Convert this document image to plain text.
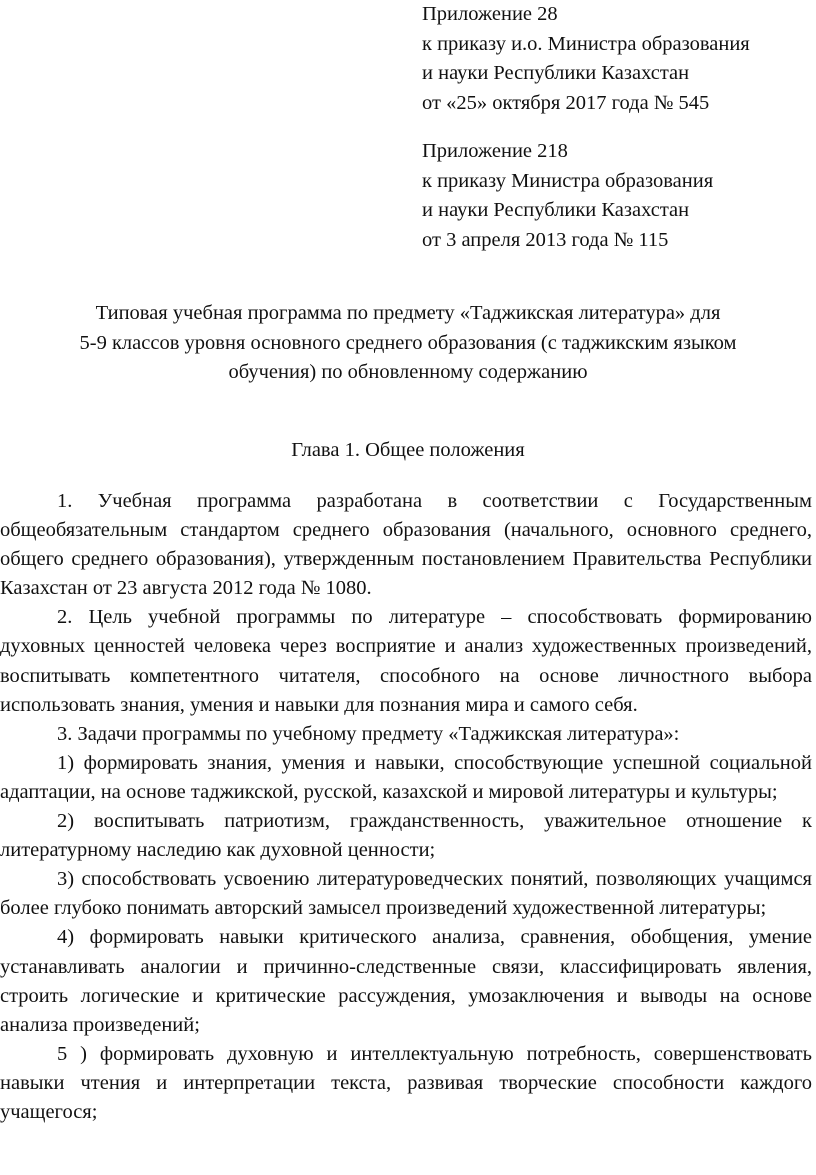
Приложение 28
к приказу и.о. Министра образования
и науки Республики Казахстан
от «25» октября 2017 года № 545
Приложение 218
к приказу Министра образования
и науки Республики Казахстан
от 3 апреля 2013 года № 115
Типовая учебная программа по предмету «Таджикская литература» для
5-9 классов уровня основного среднего образования (с таджикским языком
обучения) по обновленному содержанию
Глава 1. Общее положения

1. Учебная программа разработана в соответствии с Государственным общеобязательным стандартом среднего образования (начального, основного среднего, общего среднего образования), утвержденным постановлением Правительства Республики Казахстан от 23 августа 2012 года № 1080.

2. Цель учебной программы по литературе – способствовать формированию духовных ценностей человека через восприятие и анализ художественных произведений, воспитывать компетентного читателя, способного на основе личностного выбора использовать знания, умения и навыки для познания мира и самого себя.

3. Задачи программы по учебному предмету «Таджикская литература»:

1) формировать знания, умения и навыки, способствующие успешной социальной адаптации, на основе таджикской, русской, казахской и мировой литературы и культуры;

2) воспитывать патриотизм, гражданственность, уважительное отношение к литературному наследию как духовной ценности;

3) способствовать усвоению литературоведческих понятий, позволяющих учащимся более глубоко понимать авторский замысел произведений художественной литературы;

4) формировать навыки критического анализа, сравнения, обобщения, умение устанавливать аналогии и причинно-следственные связи, классифицировать явления, строить логические и критические рассуждения, умозаключения и выводы на основе анализа произведений;

5 ) формировать духовную и интеллектуальную потребность, совершенствовать навыки чтения и интерпретации текста, развивая творческие способности каждого учащегося;
